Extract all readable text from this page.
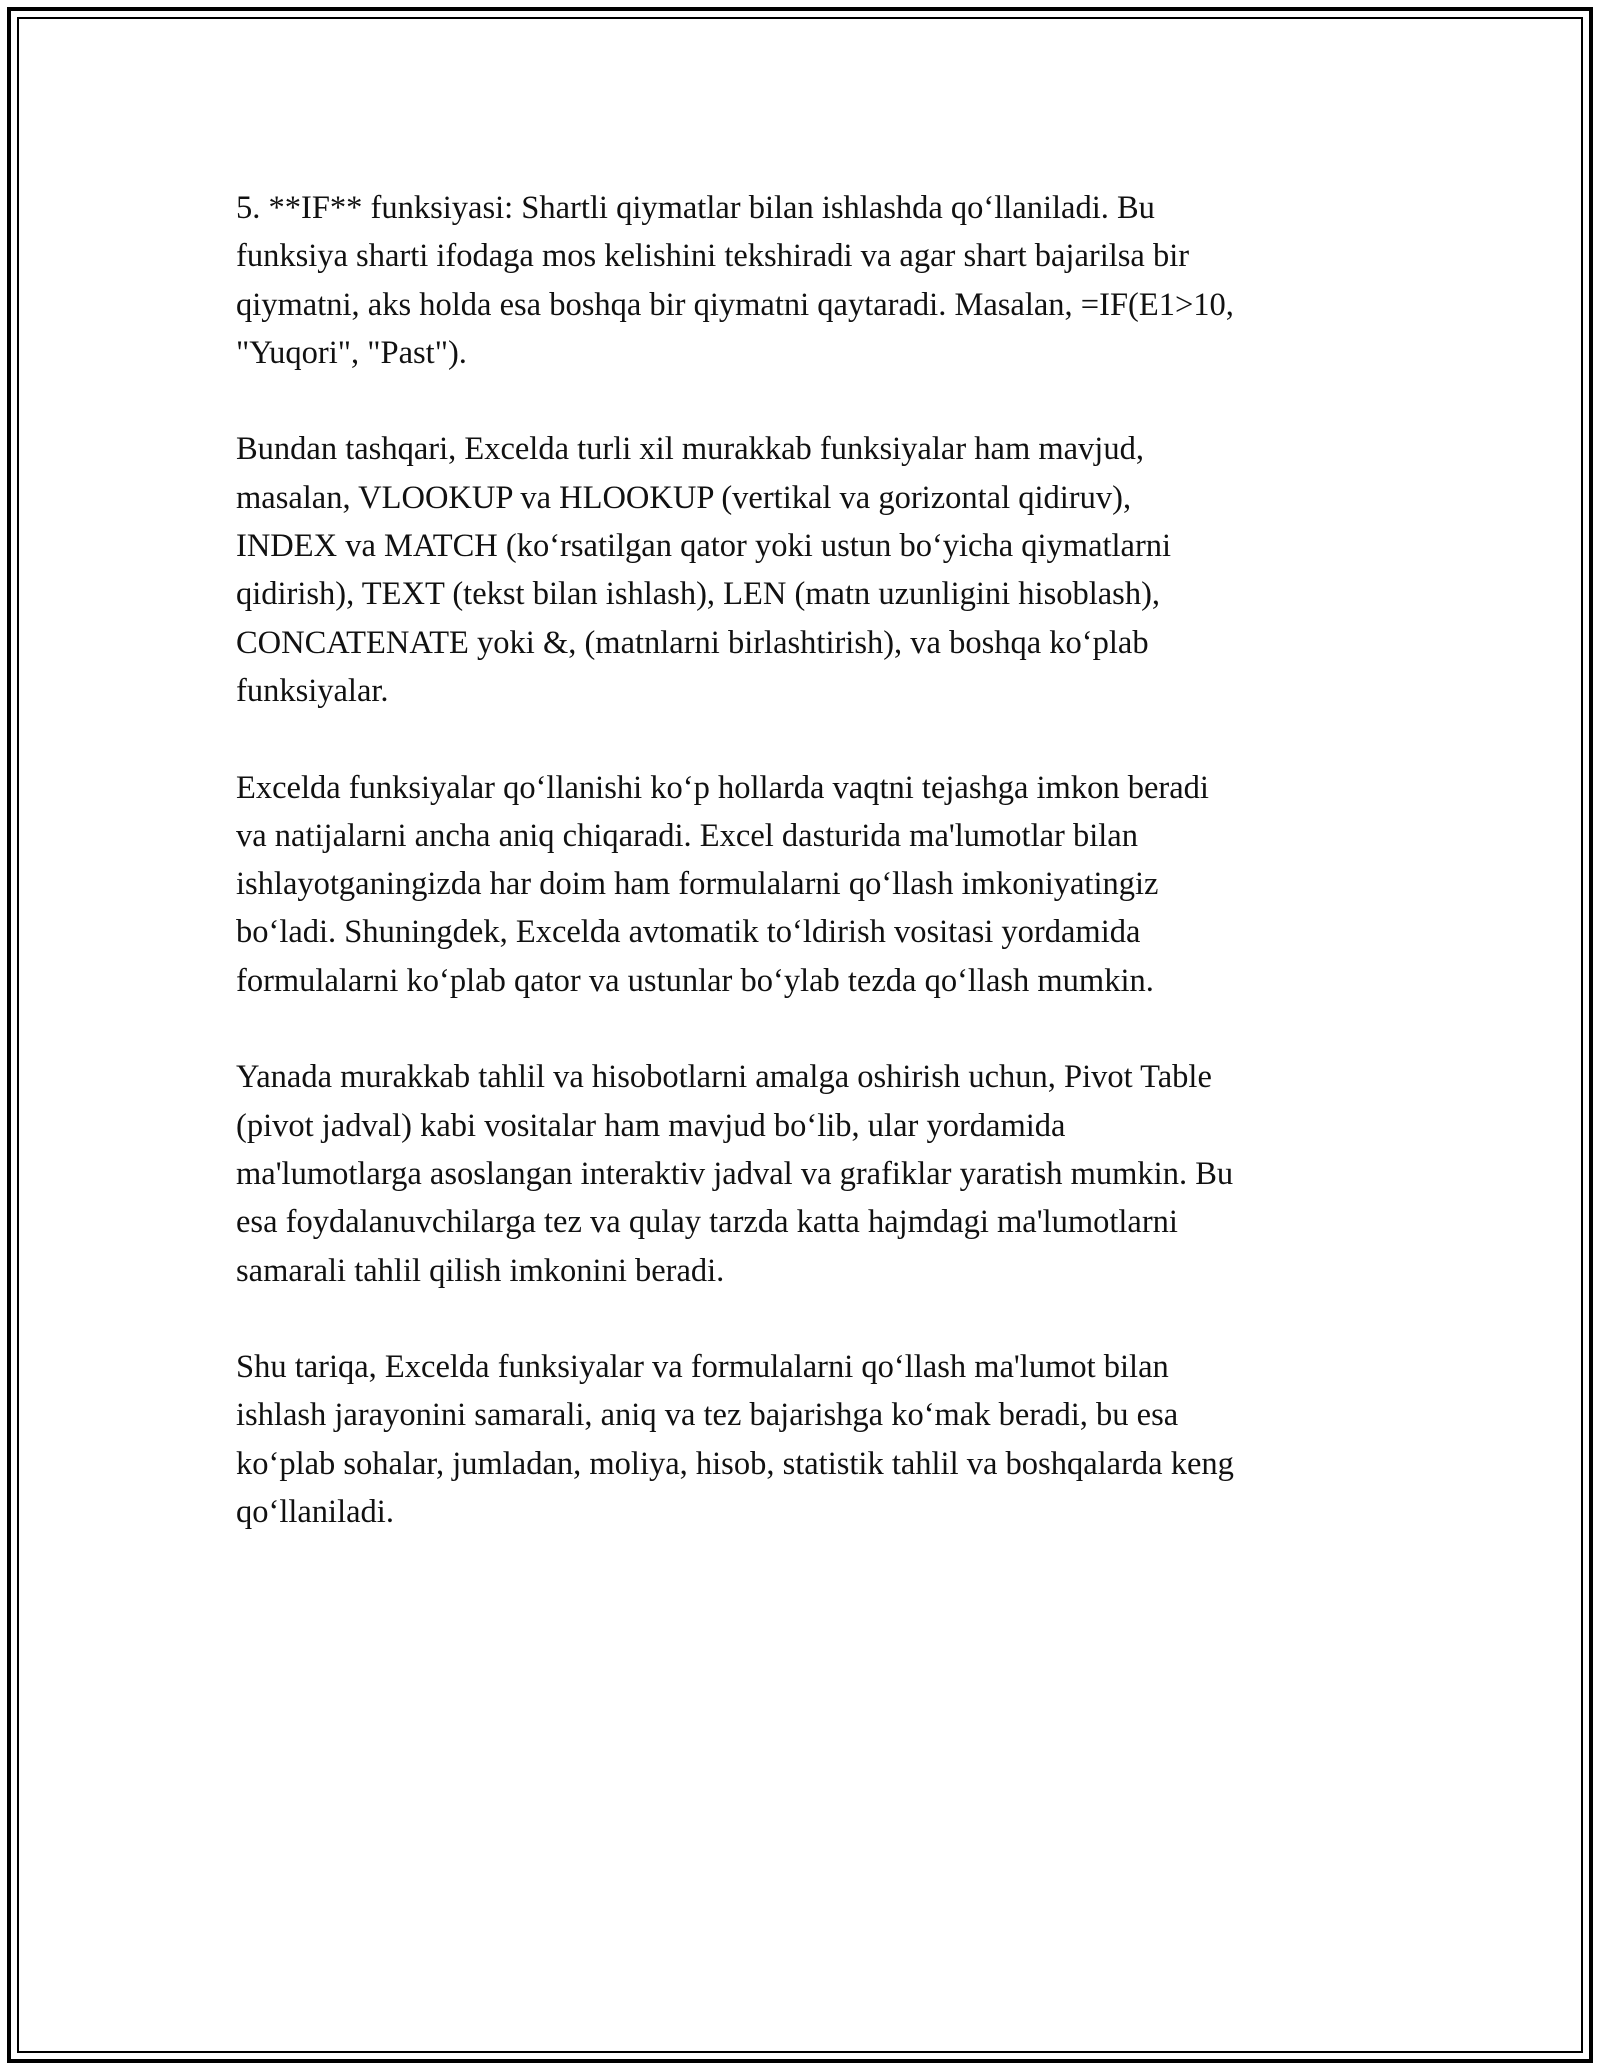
5. **IF** funksiyasi: Shartli qiymatlar bilan ishlashda qo‘llaniladi. Bu
funksiya sharti ifodaga mos kelishini tekshiradi va agar shart bajarilsa bir
qiymatni, aks holda esa boshqa bir qiymatni qaytaradi. Masalan, =IF(E1>10,
"Yuqori", "Past").

Bundan tashqari, Excelda turli xil murakkab funksiyalar ham mavjud,
masalan, VLOOKUP va HLOOKUP (vertikal va gorizontal qidiruv),
INDEX va MATCH (ko‘rsatilgan qator yoki ustun bo‘yicha qiymatlarni
qidirish), TEXT (tekst bilan ishlash), LEN (matn uzunligini hisoblash),
CONCATENATE yoki &, (matnlarni birlashtirish), va boshqa ko‘plab
funksiyalar.

Excelda funksiyalar qo‘llanishi ko‘p hollarda vaqtni tejashga imkon beradi
va natijalarni ancha aniq chiqaradi. Excel dasturida ma'lumotlar bilan
ishlayotganingizda har doim ham formulalarni qo‘llash imkoniyatingiz
bo‘ladi. Shuningdek, Excelda avtomatik to‘ldirish vositasi yordamida
formulalarni ko‘plab qator va ustunlar bo‘ylab tezda qo‘llash mumkin.

Yanada murakkab tahlil va hisobotlarni amalga oshirish uchun, Pivot Table
(pivot jadval) kabi vositalar ham mavjud bo‘lib, ular yordamida
ma'lumotlarga asoslangan interaktiv jadval va grafiklar yaratish mumkin. Bu
esa foydalanuvchilarga tez va qulay tarzda katta hajmdagi ma'lumotlarni
samarali tahlil qilish imkonini beradi.

Shu tariqa, Excelda funksiyalar va formulalarni qo‘llash ma'lumot bilan
ishlash jarayonini samarali, aniq va tez bajarishga ko‘mak beradi, bu esa
ko‘plab sohalar, jumladan, moliya, hisob, statistik tahlil va boshqalarda keng
qo‘llaniladi.
